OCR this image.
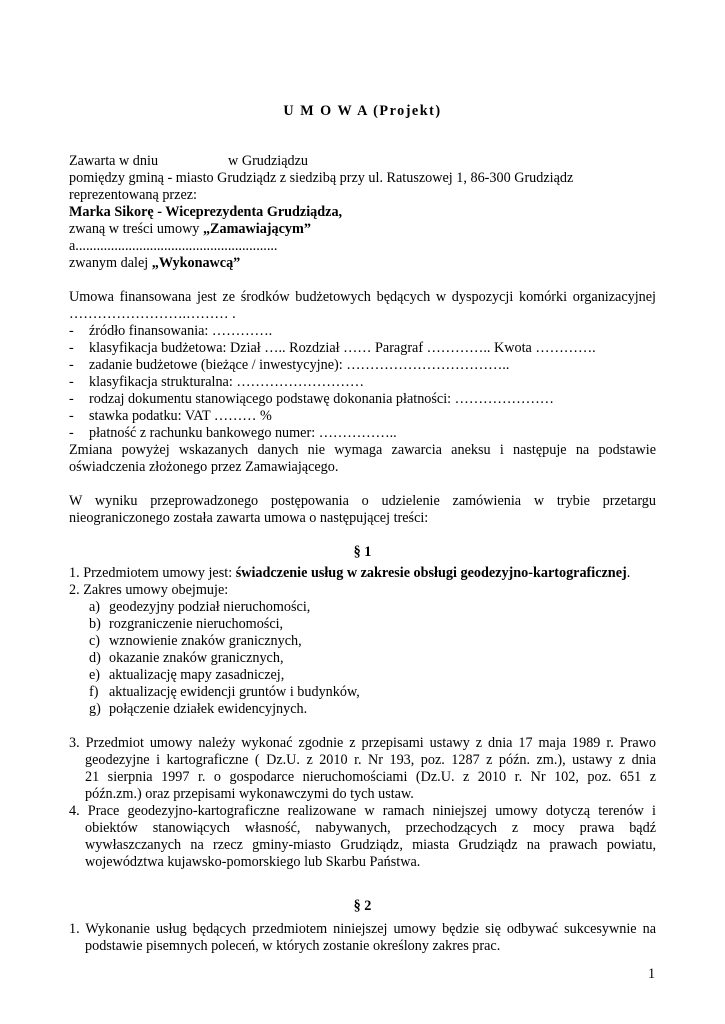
U M O W A (Projekt)
Zawarta w dniu	w Grudziądzu
pomiędzy gminą - miasto Grudziądz z siedzibą przy ul. Ratuszowej 1, 86-300 Grudziądz
reprezentowaną przez:
Marka Sikorę - Wiceprezydenta Grudziądza,
zwaną w treści umowy „Zamawiającym”
a.........................................................
zwanym dalej „Wykonawcą”
Umowa finansowana jest ze środków budżetowych będących w dyspozycji komórki organizacyjnej
…………………….……… .
- źródło finansowania: ………….
- klasyfikacja budżetowa: Dział ….. Rozdział …… Paragraf ………….. Kwota ………….
- zadanie budżetowe (bieżące / inwestycyjne): ……………………………..
- klasyfikacja strukturalna: ………………………
- rodzaj dokumentu stanowiącego podstawę dokonania płatności: …………………
- stawka podatku: VAT ……… %
- płatność z rachunku bankowego numer: ……………..
Zmiana powyżej wskazanych danych nie wymaga zawarcia aneksu i następuje na podstawie
oświadczenia złożonego przez Zamawiającego.
W wyniku przeprowadzonego postępowania o udzielenie zamówienia w trybie przetargu
nieograniczonego została zawarta umowa o następującej treści:
§ 1
1. Przedmiotem umowy jest: świadczenie usług w zakresie obsługi geodezyjno-kartograficznej.
2. Zakres umowy obejmuje:
a) geodezyjny podział nieruchomości,
b) rozgraniczenie nieruchomości,
c) wznowienie znaków granicznych,
d) okazanie znaków granicznych,
e) aktualizację mapy zasadniczej,
f) aktualizację ewidencji gruntów i budynków,
g) połączenie działek ewidencyjnych.
3. Przedmiot umowy należy wykonać zgodnie z przepisami ustawy z dnia 17 maja 1989 r. Prawo
geodezyjne i kartograficzne ( Dz.U. z 2010 r. Nr 193, poz. 1287 z późn. zm.), ustawy z dnia
21 sierpnia 1997 r. o gospodarce nieruchomościami (Dz.U. z 2010 r. Nr 102, poz. 651 z
późn.zm.) oraz przepisami wykonawczymi do tych ustaw.
4. Prace geodezyjno-kartograficzne realizowane w ramach niniejszej umowy dotyczą terenów i
obiektów stanowiących własność, nabywanych, przechodzących z mocy prawa bądź
wywłaszczanych na rzecz gminy-miasto Grudziądz, miasta Grudziądz na prawach powiatu,
województwa kujawsko-pomorskiego lub Skarbu Państwa.
§ 2
1. Wykonanie usług będących przedmiotem niniejszej umowy będzie się odbywać sukcesywnie na
podstawie pisemnych poleceń, w których zostanie określony zakres prac.
1
